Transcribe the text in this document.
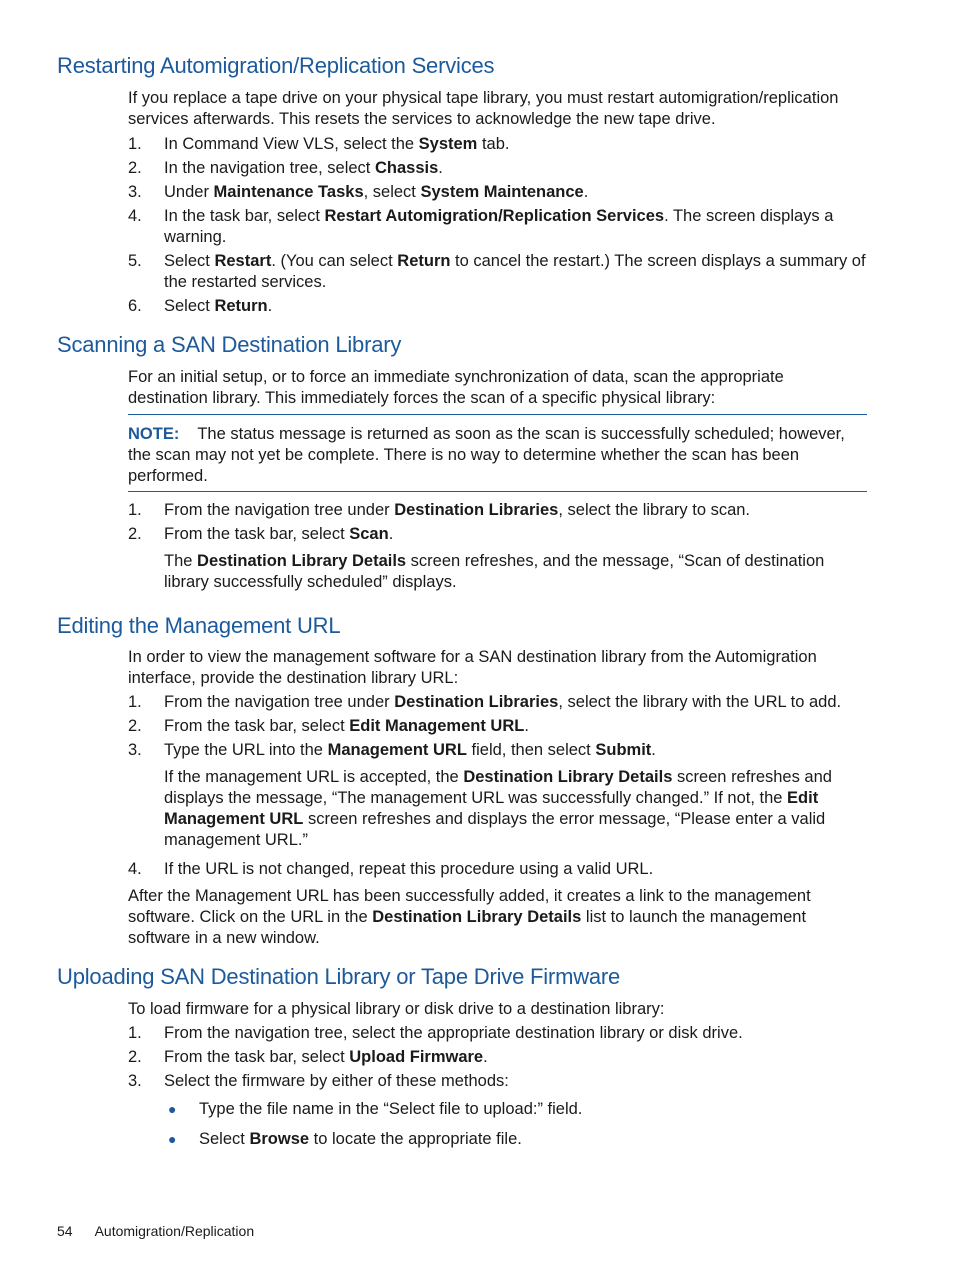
Restarting Automigration/Replication Services

If you replace a tape drive on your physical tape library, you must restart automigration/replication services afterwards. This resets the services to acknowledge the new tape drive.

1.	In Command View VLS, select the System tab.
2.	In the navigation tree, select Chassis.
3.	Under Maintenance Tasks, select System Maintenance.
4.	In the task bar, select Restart Automigration/Replication Services. The screen displays a warning.
5.	Select Restart. (You can select Return to cancel the restart.) The screen displays a summary of the restarted services.
6.	Select Return.
Scanning a SAN Destination Library

For an initial setup, or to force an immediate synchronization of data, scan the appropriate destination library. This immediately forces the scan of a specific physical library:

NOTE: The status message is returned as soon as the scan is successfully scheduled; however, the scan may not yet be complete. There is no way to determine whether the scan has been performed.
1.	From the navigation tree under Destination Libraries, select the library to scan.
2.	From the task bar, select Scan.
The Destination Library Details screen refreshes, and the message, “Scan of destination library successfully scheduled” displays.
Editing the Management URL

In order to view the management software for a SAN destination library from the Automigration interface, provide the destination library URL:

1.	From the navigation tree under Destination Libraries, select the library with the URL to add.
2.	From the task bar, select Edit Management URL.
3.	Type the URL into the Management URL field, then select Submit.
If the management URL is accepted, the Destination Library Details screen refreshes and displays the message, “The management URL was successfully changed.” If not, the Edit Management URL screen refreshes and displays the error message, “Please enter a valid management URL.”
4.	If the URL is not changed, repeat this procedure using a valid URL.
After the Management URL has been successfully added, it creates a link to the management software. Click on the URL in the Destination Library Details list to launch the management software in a new window.
Uploading SAN Destination Library or Tape Drive Firmware

To load firmware for a physical library or disk drive to a destination library:

1.	From the navigation tree, select the appropriate destination library or disk drive.
2.	From the task bar, select Upload Firmware.
3.	Select the firmware by either of these methods:
● Type the file name in the “Select file to upload:” field.
● Select Browse to locate the appropriate file.
54 Automigration/Replication
